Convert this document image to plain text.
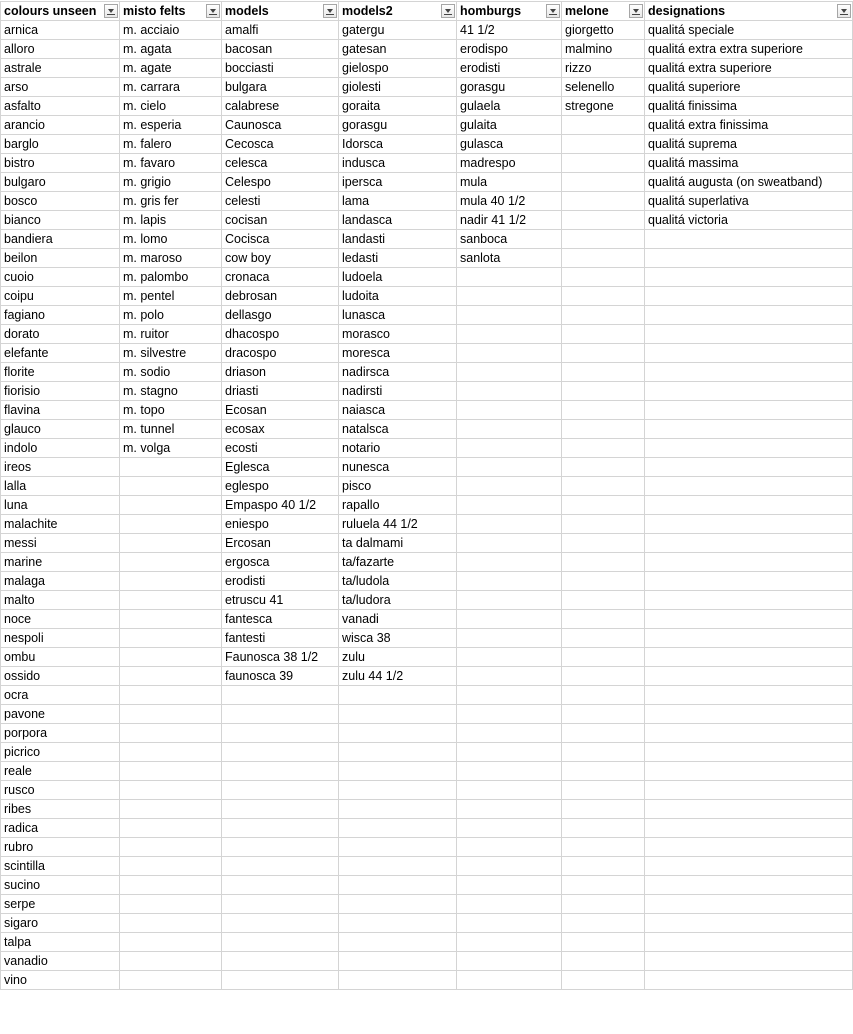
colours unseen	misto felts	models	models2	homburgs	melone	designations

arnica	m. acciaio	amalfi	gatergu	41 1/2	giorgetto	qualitá speciale
alloro	m. agata	bacosan	gatesan	erodispo	malmino	qualitá extra extra superiore
astrale	m. agate	bocciasti	gielospo	erodisti	rizzo	qualitá extra superiore
arso	m. carrara	bulgara	giolesti	gorasgu	selenello	qualitá superiore
asfalto	m. cielo	calabrese	goraita	gulaela	stregone	qualitá finissima
arancio	m. esperia	Caunosca	gorasgu	gulaita		qualitá extra finissima
barglo	m. falero	Cecosca	Idorsca	gulasca		qualitá suprema
bistro	m. favaro	celesca	indusca	madrespo		qualitá massima
bulgaro	m. grigio	Celespo	ipersca	mula		qualitá augusta (on sweatband)
bosco	m. gris fer	celesti	lama	mula 40 1/2		qualitá superlativa
bianco	m. lapis	cocisan	landasca	nadir 41 1/2		qualitá victoria
bandiera	m. lomo	Cocisca	landasti	sanboca		
beilon	m. maroso	cow boy	ledasti	sanlota		
cuoio	m. palombo	cronaca	ludoela			
coipu	m. pentel	debrosan	ludoita			
fagiano	m. polo	dellasgo	lunasca			
dorato	m. ruitor	dhacospo	morasco			
elefante	m. silvestre	dracospo	moresca			
florite	m. sodio	driason	nadirsca			
fiorisio	m. stagno	driasti	nadirsti			
flavina	m. topo	Ecosan	naiasca			
glauco	m. tunnel	ecosax	natalsca			
indolo	m. volga	ecosti	notario			
ireos		Eglesca	nunesca			
lalla		eglespo	pisco			
luna		Empaspo 40 1/2	rapallo			
malachite		eniespo	ruluela 44 1/2			
messi		Ercosan	ta dalmami			
marine		ergosca	ta/fazarte			
malaga		erodisti	ta/ludola			
malto		etruscu 41	ta/ludora			
noce		fantesca	vanadi			
nespoli		fantesti	wisca 38			
ombu		Faunosca 38 1/2	zulu			
ossido		faunosca 39	zulu 44 1/2			
ocra						
pavone						
porpora						
picrico						
reale						
rusco						
ribes						
radica						
rubro						
scintilla						
sucino						
serpe						
sigaro						
talpa						
vanadio						
vino						
